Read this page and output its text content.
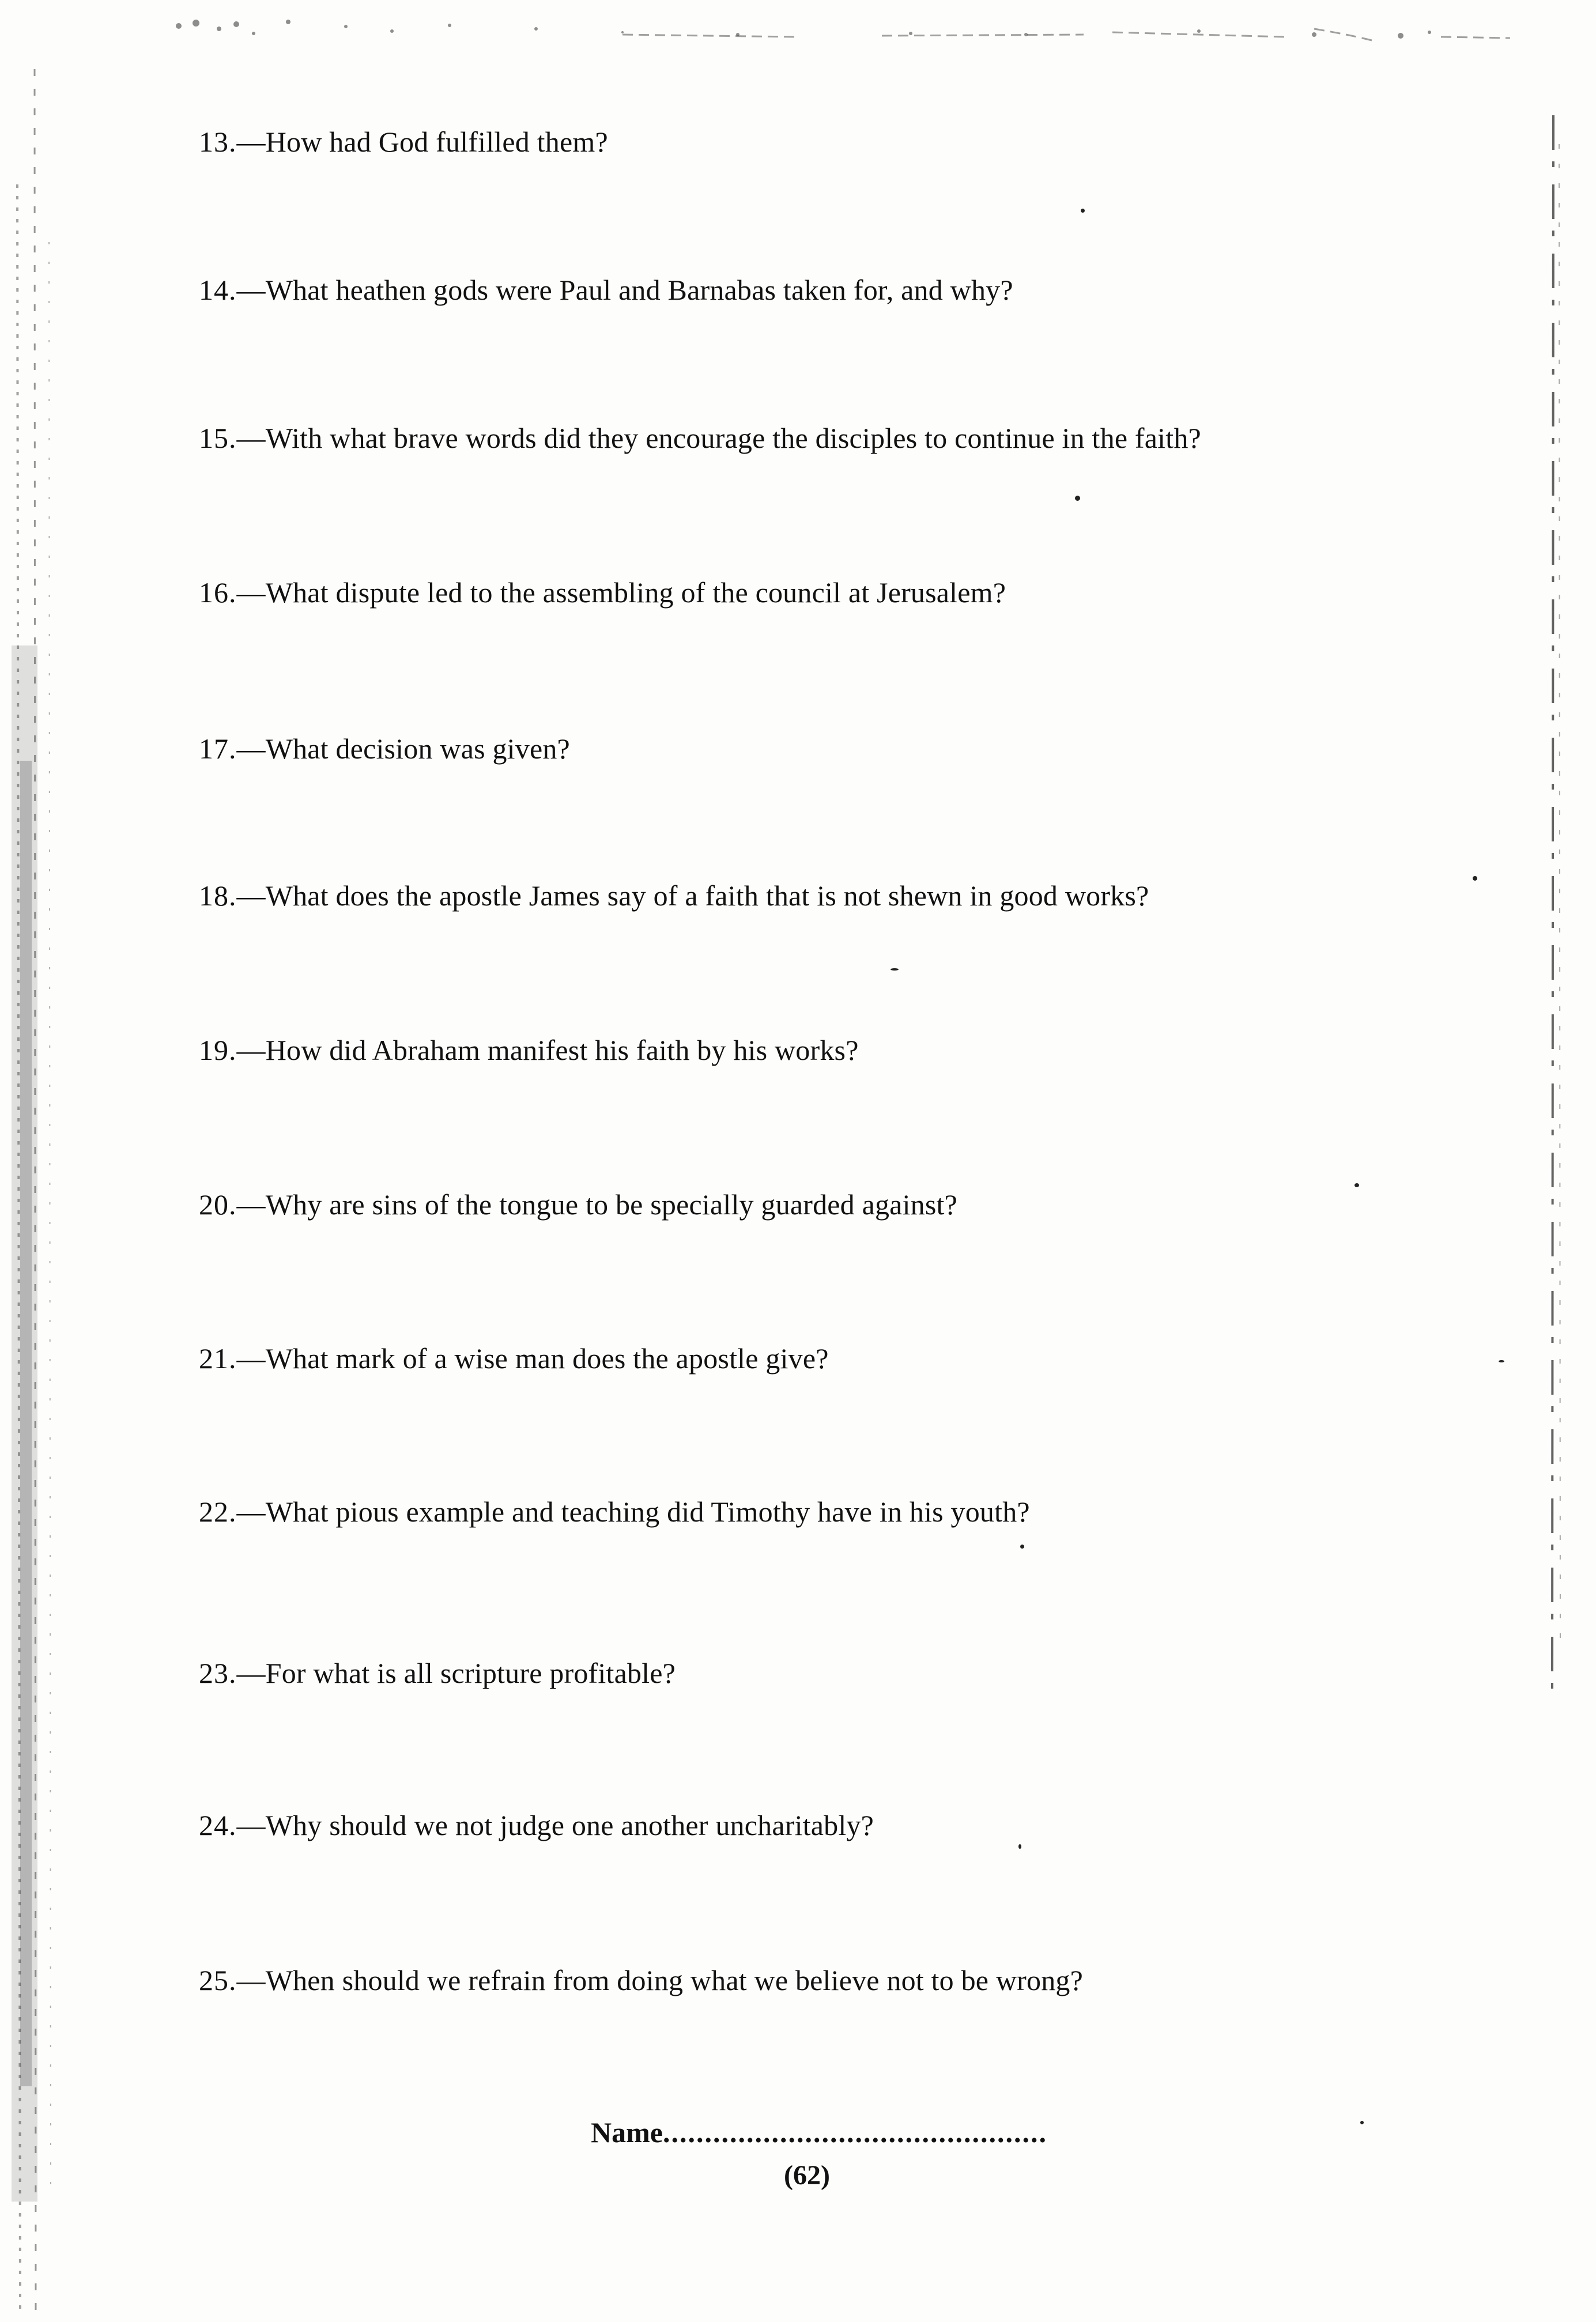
13.—How had God fulfilled them?
14.—What heathen gods were Paul and Barnabas taken for, and why?
15.—With what brave words did they encourage the disciples to continue in the faith?
16.—What dispute led to the assembling of the council at Jerusalem?
17.—What decision was given?
18.—What does the apostle James say of a faith that is not shewn in good works?
19.—How did Abraham manifest his faith by his works?
20.—Why are sins of the tongue to be specially guarded against?
21.—What mark of a wise man does the apostle give?
22.—What pious example and teaching did Timothy have in his youth?
23.—For what is all scripture profitable?
24.—Why should we not judge one another uncharitably?
25.—When should we refrain from doing what we believe not to be wrong?
Name..............................................
(62)
